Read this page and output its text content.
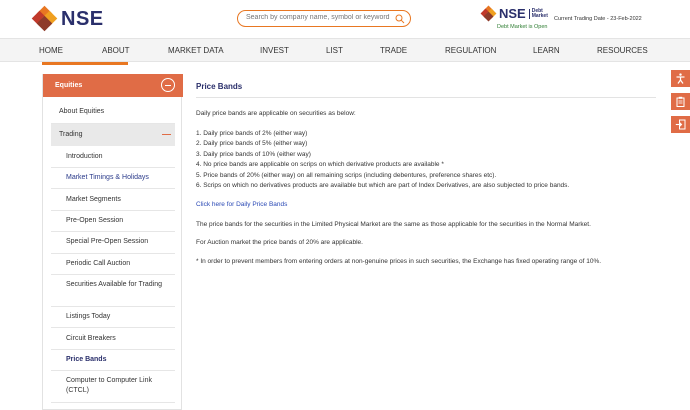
NSE
Search by company name, symbol or keyword	NSE	Debt Market
Debt Market is Open
Current Trading Date - 23-Feb-2022
HOME	ABOUT	MARKET DATA	INVEST	LIST	TRADE	REGULATION	LEARN	RESOURCES
Equities
About Equities
Trading
Introduction
Market Timings & Holidays
Market Segments
Pre-Open Session
Special Pre-Open Session
Periodic Call Auction
Securities Available for Trading
Listings Today
Circuit Breakers
Price Bands
Computer to Computer Link (CTCL)
Price Bands
Daily price bands are applicable on securities as below:
1. Daily price bands of 2% (either way)
2. Daily price bands of 5% (either way)
3. Daily price bands of 10% (either way)
4. No price bands are applicable on scrips on which derivative products are available *
5. Price bands of 20% (either way) on all remaining scrips (including debentures, preference shares etc).
6. Scrips on which no derivatives products are available but which are part of Index Derivatives, are also subjected to price bands.
Click here for Daily Price Bands
The price bands for the securities in the Limited Physical Market are the same as those applicable for the securities in the Normal Market.
For Auction market the price bands of 20% are applicable.
* In order to prevent members from entering orders at non-genuine prices in such securities, the Exchange has fixed operating range of 10%.
